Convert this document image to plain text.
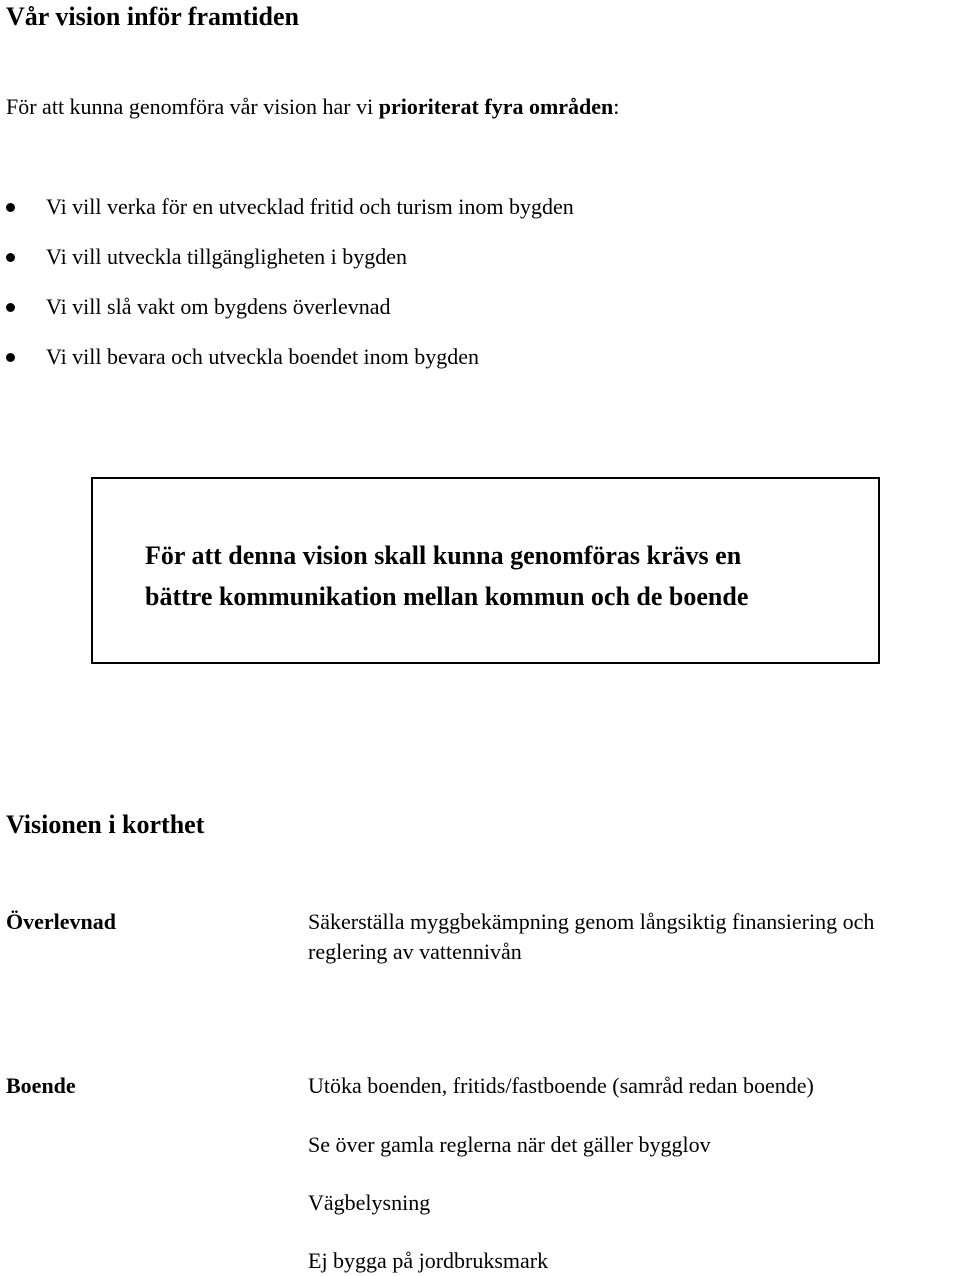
Vår vision inför framtiden
För att kunna genomföra vår vision har vi prioriterat fyra områden:
Vi vill verka för en utvecklad fritid och turism inom bygden
Vi vill utveckla tillgängligheten i bygden
Vi vill slå vakt om bygdens överlevnad
Vi vill bevara och utveckla boendet inom bygden
För att denna vision skall kunna genomföras krävs en
bättre kommunikation mellan kommun och de boende
Visionen i korthet
Överlevnad	Säkerställa myggbekämpning genom långsiktig finansiering och
reglering av vattennivån
Boende	Utöka boenden, fritids/fastboende (samråd redan boende)
Se över gamla reglerna när det gäller bygglov
Vägbelysning
Ej bygga på jordbruksmark
